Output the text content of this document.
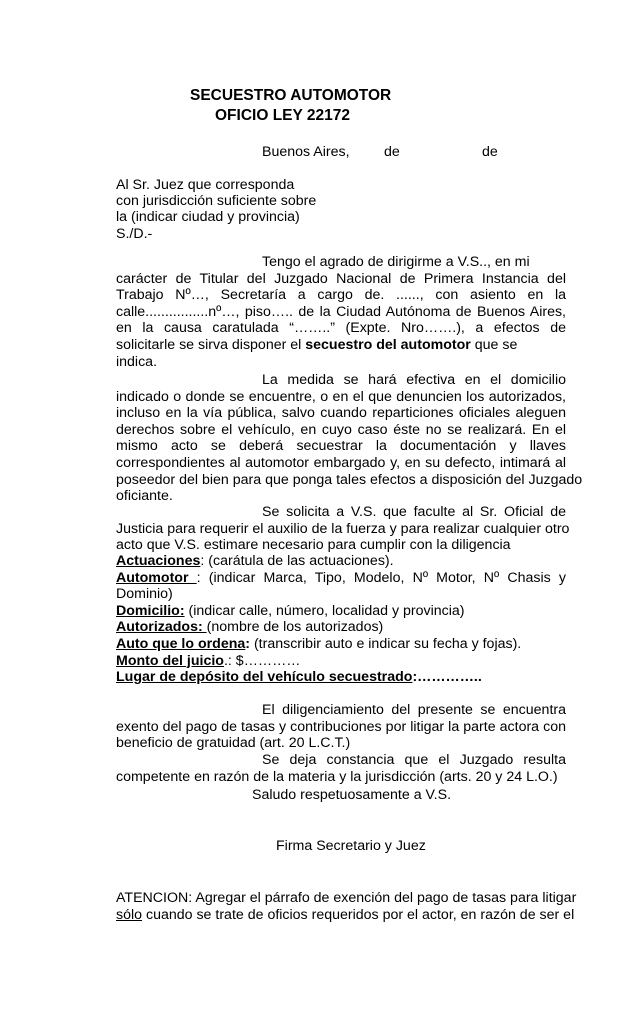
SECUESTRO AUTOMOTOR
OFICIO LEY 22172
Buenos Aires, de	de
Al Sr. Juez que corresponda
con jurisdicción suficiente sobre
la (indicar ciudad y provincia)
S./D.-
Tengo el agrado de dirigirme a V.S.., en mi
carácter de Titular del Juzgado Nacional de Primera Instancia del
Trabajo Nº…, Secretaría a cargo de. ......, con asiento en la
calle................nº…, piso….. de la Ciudad Autónoma de Buenos Aires,
en la causa caratulada “……..” (Expte. Nro…….), a efectos de
solicitarle se sirva disponer el secuestro del automotor que se
indica.
La medida se hará efectiva en el domicilio
indicado o donde se encuentre, o en el que denuncien los autorizados,
incluso en la vía pública, salvo cuando reparticiones oficiales aleguen
derechos sobre el vehículo, en cuyo caso éste no se realizará. En el
mismo acto se deberá secuestrar la documentación y llaves
correspondientes al automotor embargado y, en su defecto, intimará al
poseedor del bien para que ponga tales efectos a disposición del Juzgado
oficiante.
Se solicita a V.S. que faculte al Sr. Oficial de
Justicia para requerir el auxilio de la fuerza y para realizar cualquier otro
acto que V.S. estimare necesario para cumplir con la diligencia
Actuaciones: (carátula de las actuaciones).
Automotor : (indicar Marca, Tipo, Modelo, Nº Motor, Nº Chasis y
Dominio)
Domicilio: (indicar calle, número, localidad y provincia)
Autorizados: (nombre de los autorizados)
Auto que lo ordena: (transcribir auto e indicar su fecha y fojas).
Monto del juicio.: $…………
Lugar de depósito del vehículo secuestrado:…………..
El diligenciamiento del presente se encuentra
exento del pago de tasas y contribuciones por litigar la parte actora con
beneficio de gratuidad (art. 20 L.C.T.)
Se deja constancia que el Juzgado resulta
competente en razón de la materia y la jurisdicción (arts. 20 y 24 L.O.)
Saludo respetuosamente a V.S.
Firma Secretario y Juez
ATENCION: Agregar el párrafo de exención del pago de tasas para litigar
sólo cuando se trate de oficios requeridos por el actor, en razón de ser el
